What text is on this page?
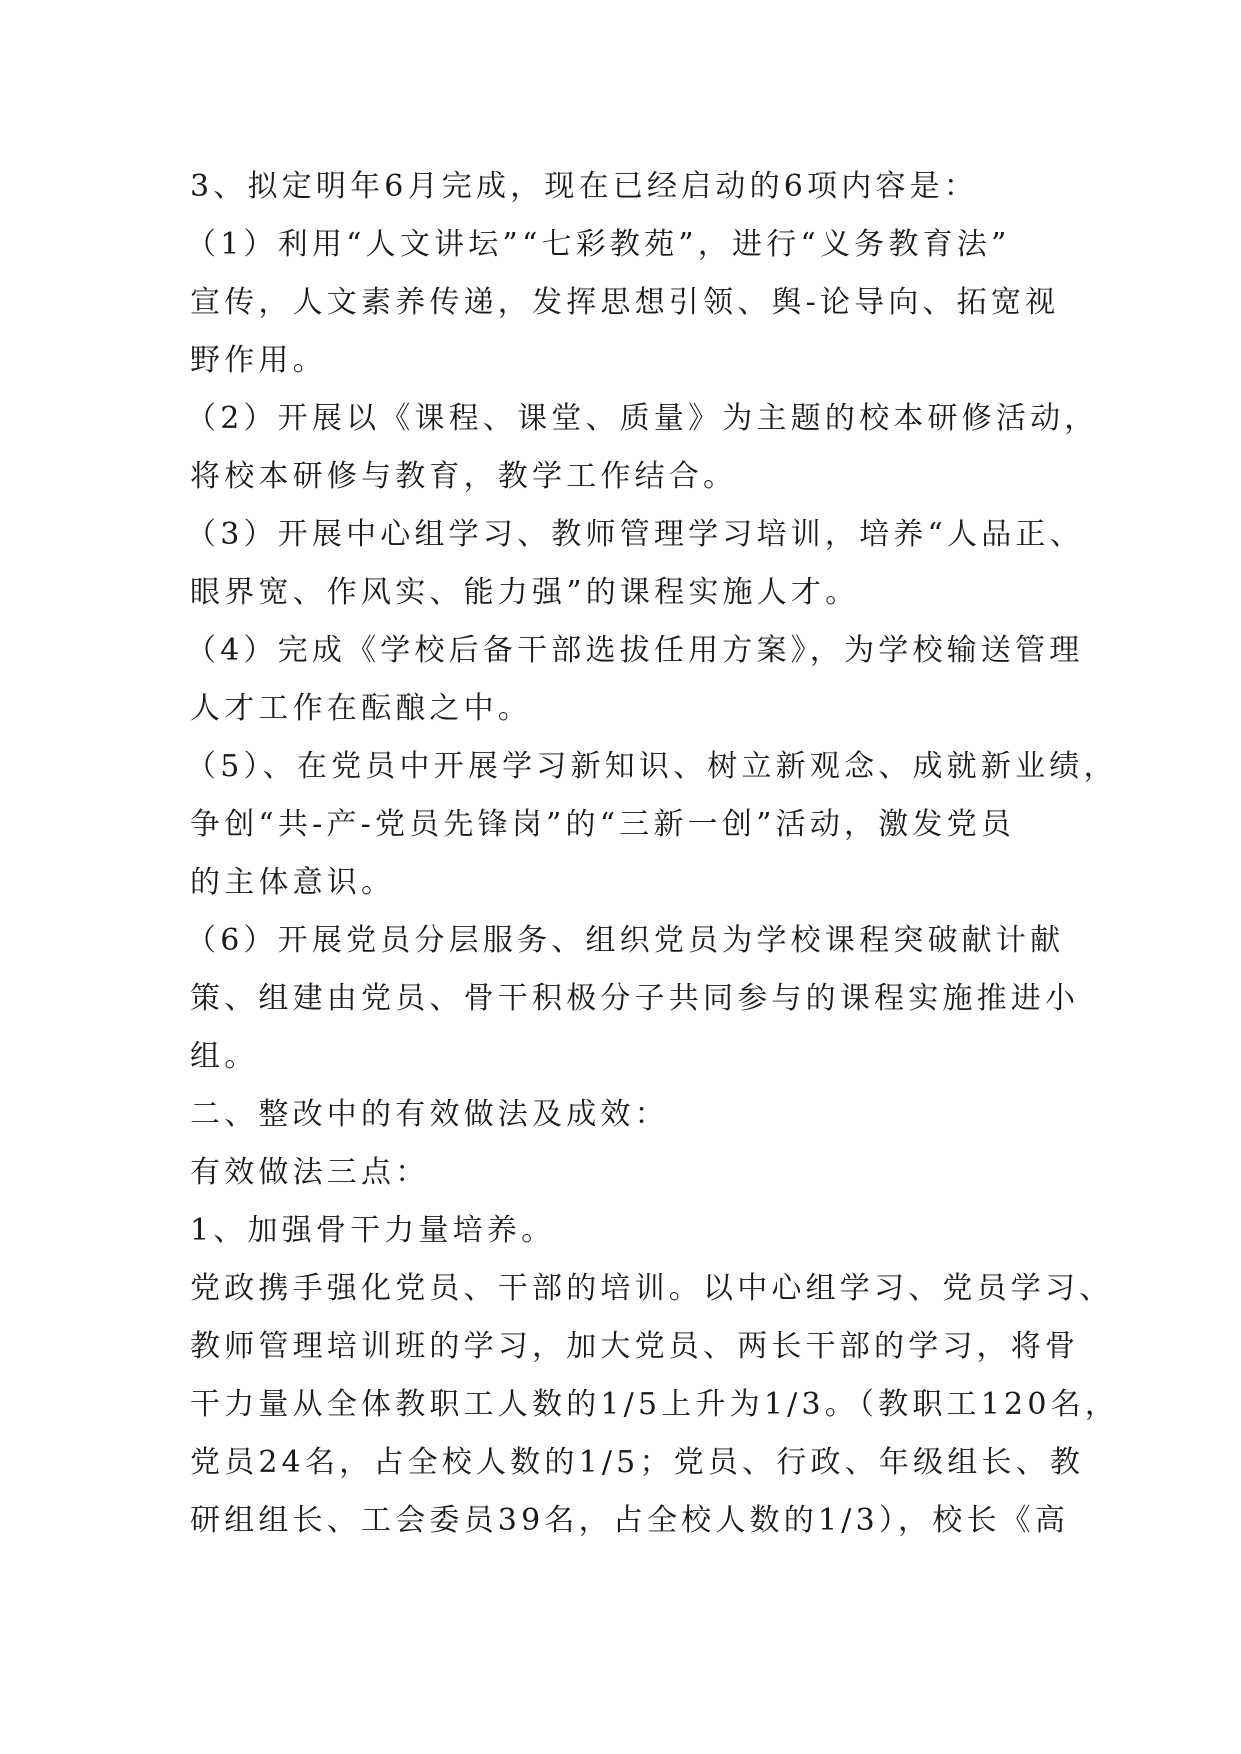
3、拟定明年6月完成，现在已经启动的6项内容是：
（1）利用“人文讲坛”“七彩教苑”，进行“义务教育法”
宣传，人文素养传递，发挥思想引领、舆-论导向、拓宽视
野作用。
（2）开展以《课程、课堂、质量》为主题的校本研修活动，
将校本研修与教育，教学工作结合。
（3）开展中心组学习、教师管理学习培训，培养“人品正、
眼界宽、作风实、能力强”的课程实施人才。
（4）完成《学校后备干部选拔任用方案》，为学校输送管理
人才工作在酝酿之中。
（5）、在党员中开展学习新知识、树立新观念、成就新业绩，
争创“共-产-党员先锋岗”的“三新一创”活动，激发党员
的主体意识。
（6）开展党员分层服务、组织党员为学校课程突破献计献
策、组建由党员、骨干积极分子共同参与的课程实施推进小
组。
二、整改中的有效做法及成效：
有效做法三点：
1、加强骨干力量培养。
党政携手强化党员、干部的培训。以中心组学习、党员学习、
教师管理培训班的学习，加大党员、两长干部的学习，将骨
干力量从全体教职工人数的1/5上升为1/3。（教职工120名，
党员24名，占全校人数的1/5；党员、行政、年级组长、教
研组组长、工会委员39名，占全校人数的1/3），校长《高
